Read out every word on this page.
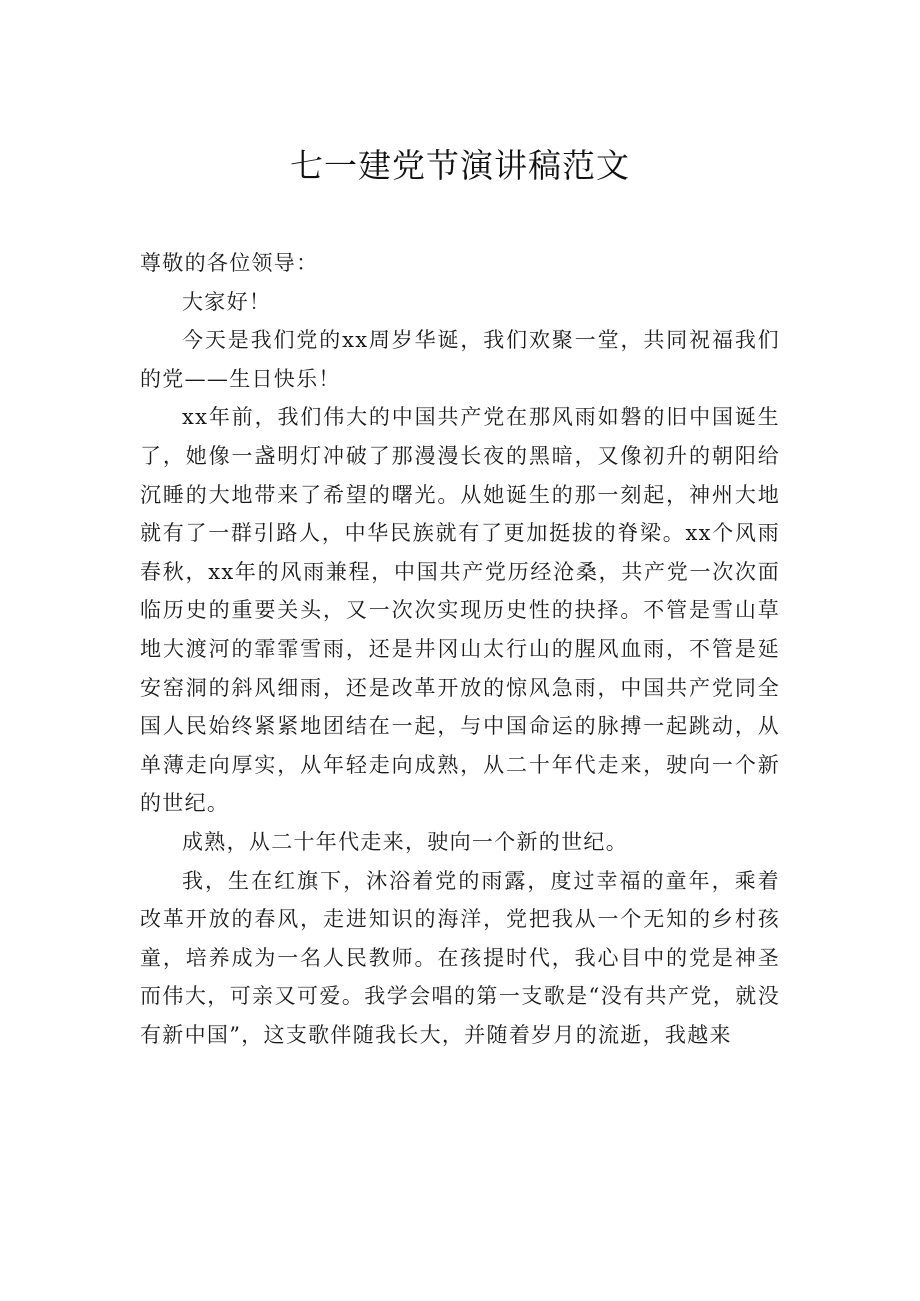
七一建党节演讲稿范文

尊敬的各位领导：

大家好！

今天是我们党的xx周岁华诞，我们欢聚一堂，共同祝福我们的党——生日快乐！

xx年前，我们伟大的中国共产党在那风雨如磐的旧中国诞生了，她像一盏明灯冲破了那漫漫长夜的黑暗，又像初升的朝阳给沉睡的大地带来了希望的曙光。从她诞生的那一刻起，神州大地就有了一群引路人，中华民族就有了更加挺拔的脊梁。xx个风雨春秋，xx年的风雨兼程，中国共产党历经沧桑，共产党一次次面临历史的重要关头，又一次次实现历史性的抉择。不管是雪山草地大渡河的霏霏雪雨，还是井冈山太行山的腥风血雨，不管是延安窑洞的斜风细雨，还是改革开放的惊风急雨，中国共产党同全国人民始终紧紧地团结在一起，与中国命运的脉搏一起跳动，从单薄走向厚实，从年轻走向成熟，从二十年代走来，驶向一个新的世纪。

成熟，从二十年代走来，驶向一个新的世纪。

我，生在红旗下，沐浴着党的雨露，度过幸福的童年，乘着改革开放的春风，走进知识的海洋，党把我从一个无知的乡村孩童，培养成为一名人民教师。在孩提时代，我心目中的党是神圣而伟大，可亲又可爱。我学会唱的第一支歌是“没有共产党，就没有新中国”，这支歌伴随我长大，并随着岁月的流逝，我越来
